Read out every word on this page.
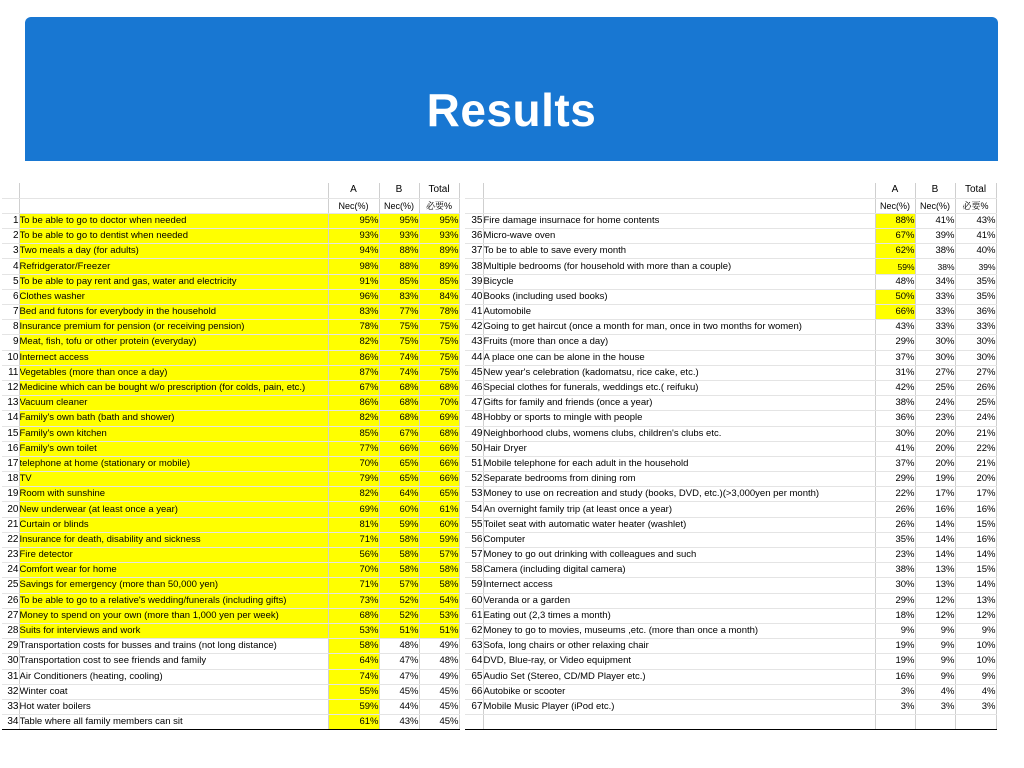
Results
		A	B	Total
		Nec(%)	Nec(%)	必要%
1	To be able to go to doctor when needed	95%	95%	95%
2	To be able to go to dentist when needed	93%	93%	93%
3	Two meals a day (for adults)	94%	88%	89%
4	Refridgerator/Freezer	98%	88%	89%
5	To be able to pay rent and gas, water and electricity	91%	85%	85%
6	Clothes washer	96%	83%	84%
7	Bed and futons for everybody in the household	83%	77%	78%
8	Insurance premium for pension (or receiving pension)	78%	75%	75%
9	Meat, fish, tofu or other protein (everyday)	82%	75%	75%
10	Internect access	86%	74%	75%
11	Vegetables (more than once a day)	87%	74%	75%
12	Medicine which can be bought w/o prescription (for colds, pain, etc.)	67%	68%	68%
13	Vacuum cleaner	86%	68%	70%
14	Family's own bath (bath and shower)	82%	68%	69%
15	Family's own kitchen	85%	67%	68%
16	Family's own toilet	77%	66%	66%
17	telephone at home (stationary or mobile)	70%	65%	66%
18	TV	79%	65%	66%
19	Room with sunshine	82%	64%	65%
20	New underwear (at least once a year)	69%	60%	61%
21	Curtain or blinds	81%	59%	60%
22	Insurance for death, disability and sickness	71%	58%	59%
23	Fire detector	56%	58%	57%
24	Comfort wear for home	70%	58%	58%
25	Savings for emergency (more than 50,000 yen)	71%	57%	58%
26	To be able to go to a relative's wedding/funerals (including gifts)	73%	52%	54%
27	Money to spend on your own (more than 1,000 yen per week)	68%	52%	53%
28	Suits for interviews and work	53%	51%	51%
29	Transportation costs for busses and trains (not long distance)	58%	48%	49%
30	Transportation cost to see friends and family	64%	47%	48%
31	Air Conditioners (heating, cooling)	74%	47%	49%
32	Winter coat	55%	45%	45%
33	Hot water boilers	59%	44%	45%
34	Table where all family members can sit	61%	43%	45%
		A	B	Total
		Nec(%)	Nec(%)	必要%
35	Fire damage insurnace for home contents	88%	41%	43%
36	Micro-wave oven	67%	39%	41%
37	To be to able to save every month	62%	38%	40%
38	Multiple bedrooms (for household with more than a couple)	59%	38%	39%
39	Bicycle	48%	34%	35%
40	Books (including used books)	50%	33%	35%
41	Automobile	66%	33%	36%
42	Going to get haircut (once a month for man, once in two months for women)	43%	33%	33%
43	Fruits (more than once a day)	29%	30%	30%
44	A place one can be alone in the house	37%	30%	30%
45	New year's celebration (kadomatsu, rice cake, etc.)	31%	27%	27%
46	Special clothes for funerals, weddings etc.( reifuku)	42%	25%	26%
47	Gifts for family and friends (once a year)	38%	24%	25%
48	Hobby or sports to mingle with people	36%	23%	24%
49	Neighborhood clubs, womens clubs, children's clubs etc.	30%	20%	21%
50	Hair Dryer	41%	20%	22%
51	Mobile telephone for each adult in the household	37%	20%	21%
52	Separate bedrooms from dining rom	29%	19%	20%
53	Money to use on recreation and study (books, DVD, etc.)(>3,000yen per month)	22%	17%	17%
54	An overnight family trip (at least once a year)	26%	16%	16%
55	Toilet seat with automatic water heater (washlet)	26%	14%	15%
56	Computer	35%	14%	16%
57	Money to go out drinking with colleagues and such	23%	14%	14%
58	Camera (including digital camera)	38%	13%	15%
59	Internect access	30%	13%	14%
60	Veranda or a garden	29%	12%	13%
61	Eating out (2,3 times a month)	18%	12%	12%
62	Money to go to movies, museums ,etc. (more than once a month)	9%	9%	9%
63	Sofa, long chairs or other relaxing chair	19%	9%	10%
64	DVD, Blue-ray, or Video equipment	19%	9%	10%
65	Audio Set (Stereo, CD/MD Player etc.)	16%	9%	9%
66	Autobike or scooter	3%	4%	4%
67	Mobile Music Player (iPod etc.)	3%	3%	3%
